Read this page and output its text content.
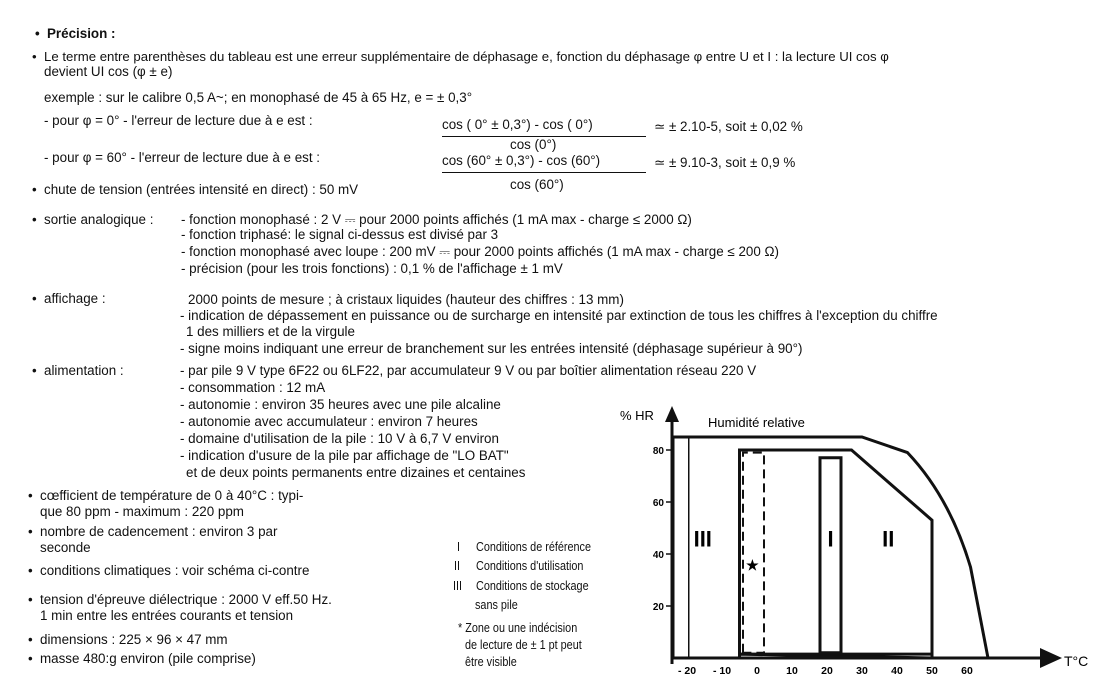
• Précision :
• Le terme entre parenthèses du tableau est une erreur supplémentaire de déphasage e, fonction du déphasage φ entre U et I : la lecture UI cos φ
devient UI cos (φ ± e)
exemple : sur le calibre 0,5 A~; en monophasé de 45 à 65 Hz, e = ± 0,3°
- pour φ = 0° - l'erreur de lecture due à e est :	cos ( 0° ± 0,3°) - cos ( 0°)
cos (0°)
≃ ± 2.10-5, soit ± 0,02 %
- pour φ = 60° - l'erreur de lecture due à e est :	cos (60° ± 0,3°) - cos (60°)
cos (60°)
≃ ± 9.10-3, soit ± 0,9 %
• chute de tension (entrées intensité en direct) : 50 mV
• sortie analogique : - fonction monophasé : 2 V ⎓ pour 2000 points affichés (1 mA max - charge ≤ 2000 Ω)
- fonction triphasé: le signal ci-dessus est divisé par 3
- fonction monophasé avec loupe : 200 mV ⎓ pour 2000 points affichés (1 mA max - charge ≤ 200 Ω)
- précision (pour les trois fonctions) : 0,1 % de l'affichage ± 1 mV
• affichage :	2000 points de mesure ; à cristaux liquides (hauteur des chiffres : 13 mm)
- indication de dépassement en puissance ou de surcharge en intensité par extinction de tous les chiffres à l'exception du chiffre
1 des milliers et de la virgule
- signe moins indiquant une erreur de branchement sur les entrées intensité (déphasage supérieur à 90°)
• alimentation :	- par pile 9 V type 6F22 ou 6LF22, par accumulateur 9 V ou par boîtier alimentation réseau 220 V
- consommation : 12 mA
- autonomie : environ 35 heures avec une pile alcaline
- autonomie avec accumulateur : environ 7 heures
- domaine d'utilisation de la pile : 10 V à 6,7 V environ
- indication d'usure de la pile par affichage de "LO BAT"
et de deux points permanents entre dizaines et centaines
• cœfficient de température de 0 à 40°C : typi-
que 80 ppm - maximum : 220 ppm
• nombre de cadencement : environ 3 par
seconde
• conditions climatiques : voir schéma ci-contre
• tension d'épreuve diélectrique : 2000 V eff.50 Hz.
1 min entre les entrées courants et tension
• dimensions : 225 × 96 × 47 mm
• masse 480:g environ (pile comprise)
I Conditions de référence
II Conditions d'utilisation
III Conditions de stockage
sans pile
* Zone ou une indécision
de lecture de ± 1 pt peut
être visible
III	II
I
★
Humidité relative
% HR
T°C
20
40
60
80
- 20 - 10 0 10 20 30 40 50 60
